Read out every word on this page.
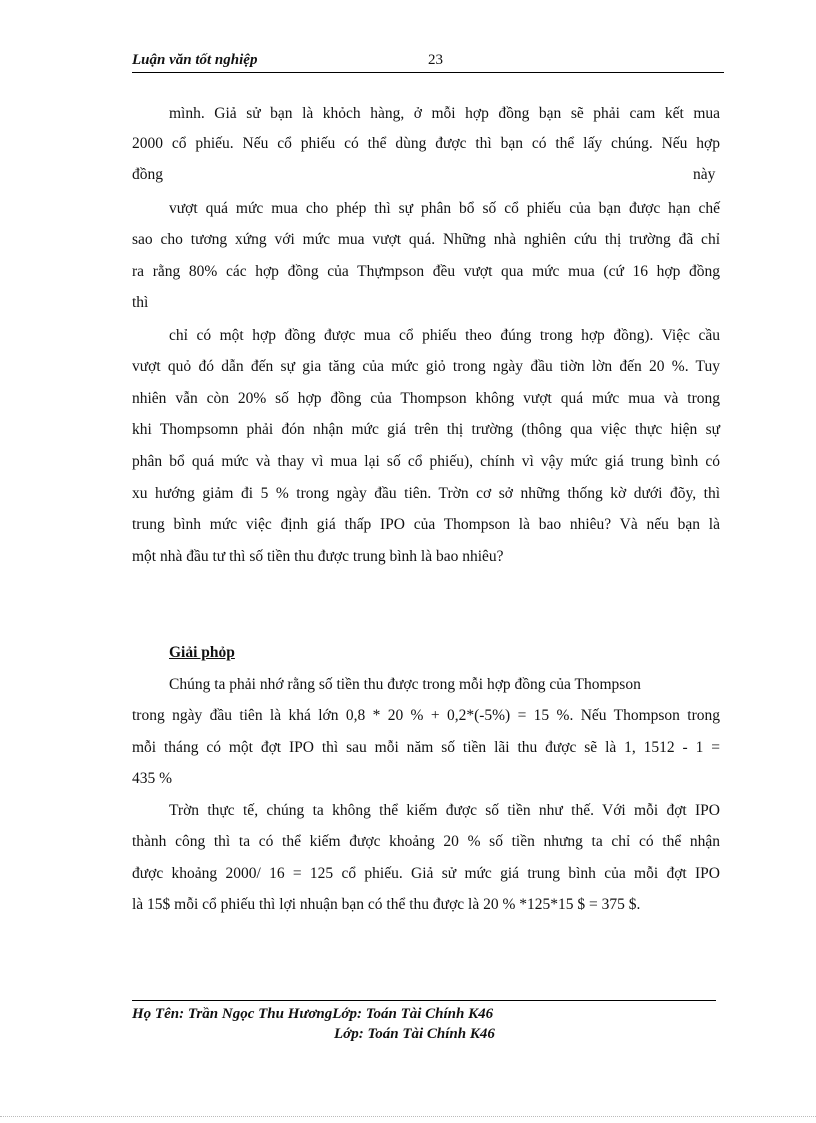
Luận văn tốt nghiệp	23
mình. Giả sử bạn là khỏch hàng, ở mỗi hợp đồng bạn sẽ phải cam kết mua
2000 cổ phiếu. Nếu cổ phiếu có thể dùng được thì bạn có thể lấy chúng. Nếu hợp
đồng	này
vượt quá mức mua cho phép thì sự phân bổ số cổ phiếu của bạn được hạn chế
sao cho tương xứng với mức mua vượt quá. Những nhà nghiên cứu thị trường đã chỉ
ra rằng 80% các hợp đồng của Thựmpson đều vượt qua mức mua (cứ 16 hợp đồng
thì
chỉ có một hợp đồng được mua cổ phiếu theo đúng trong hợp đồng). Việc cầu
vượt quỏ đó dẫn đến sự gia tăng của mức giỏ trong ngày đầu tiờn lờn đến 20 %. Tuy
nhiên vẫn còn 20% số hợp đồng của Thompson không vượt quá mức mua và trong
khi Thompsomn phải đón nhận mức giá trên thị trường (thông qua việc thực hiện sự
phân bổ quá mức và thay vì mua lại số cổ phiếu), chính vì vậy mức giá trung bình có
xu hướng giảm đi 5 % trong ngày đầu tiên. Trờn cơ sở những thống kờ dưới đõy, thì
trung bình mức việc định giá thấp IPO của Thompson là bao nhiêu? Và nếu bạn là
một nhà đầu tư thì số tiền thu được trung bình là bao nhiêu?
Giải phỏp
Chúng ta phải nhớ rằng số tiền thu được trong mỗi hợp đồng của Thompson
trong ngày đầu tiên là khá lớn 0,8 * 20 % + 0,2*(-5%) = 15 %. Nếu Thompson trong
mỗi tháng có một đợt IPO thì sau mỗi năm số tiền lãi thu được sẽ là 1, 1512 - 1 =
435 %
Trờn thực tế, chúng ta không thể kiếm được số tiền như thế. Với mỗi đợt IPO
thành công thì ta có thể kiếm được khoảng 20 % số tiền nhưng ta chỉ có thể nhận
được khoảng 2000/ 16 = 125 cổ phiếu. Giả sử mức giá trung bình của mỗi đợt IPO
là 15$ mỗi cổ phiếu thì lợi nhuận bạn có thể thu được là 20 % *125*15 $ = 375 $.
Họ Tên: Trần Ngọc Thu HươngLớp: Toán Tài Chính K46
Lớp: Toán Tài Chính K46
